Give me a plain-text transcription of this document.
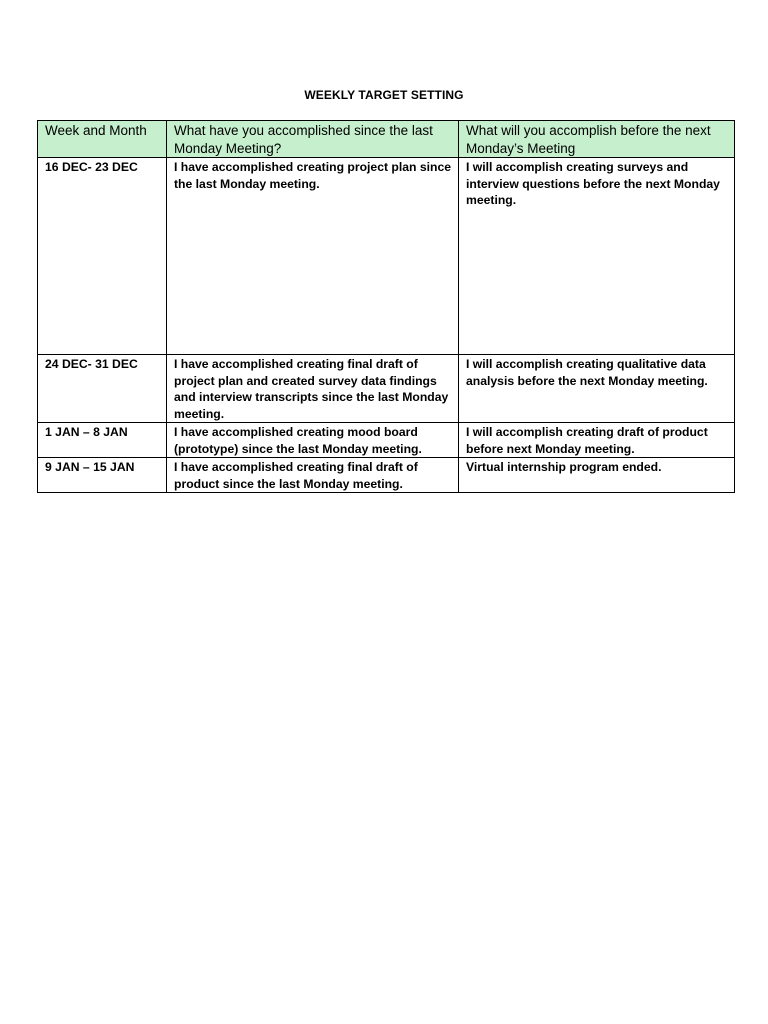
WEEKLY TARGET SETTING
Week and Month	What have you accomplished since the last Monday Meeting?	What will you accomplish before the next Monday’s Meeting
16 DEC- 23 DEC	I have accomplished creating project plan since the last Monday meeting.	I will accomplish creating surveys and interview questions before the next Monday meeting.
24 DEC- 31 DEC	I have accomplished creating final draft of project plan and created survey data findings and interview transcripts since the last Monday meeting.	I will accomplish creating qualitative data analysis before the next Monday meeting.
1 JAN – 8 JAN	I have accomplished creating mood board (prototype) since the last Monday meeting.	I will accomplish creating draft of product before next Monday meeting.
9 JAN – 15 JAN	I have accomplished creating final draft of product since the last Monday meeting.	Virtual internship program ended.
